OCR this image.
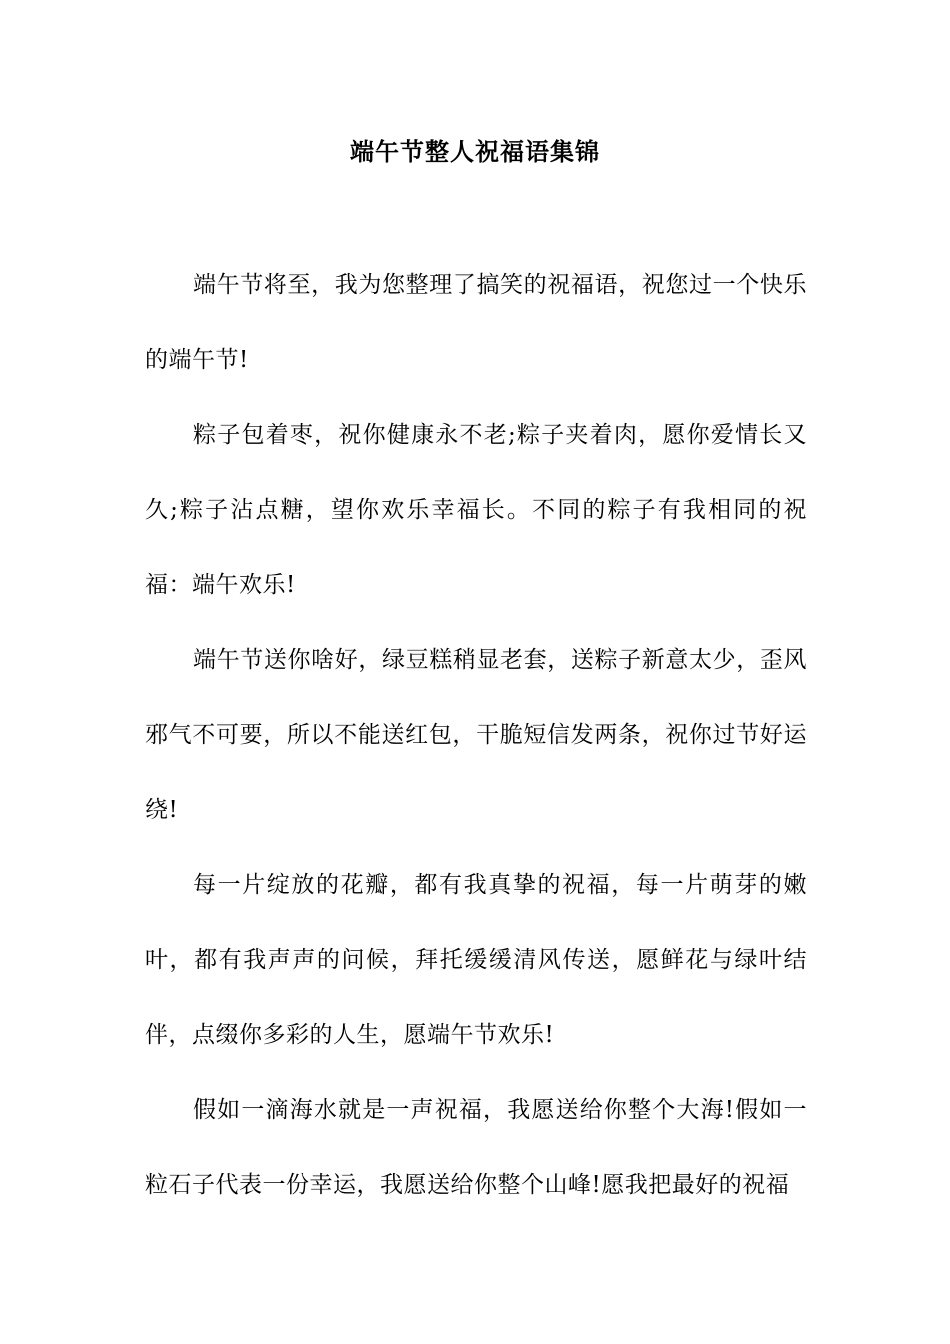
端午节整人祝福语集锦

端午节将至，我为您整理了搞笑的祝福语，祝您过一个快乐的端午节!

粽子包着枣，祝你健康永不老;粽子夹着肉，愿你爱情长又久;粽子沾点糖，望你欢乐幸福长。不同的粽子有我相同的祝福：端午欢乐!

端午节送你啥好，绿豆糕稍显老套，送粽子新意太少，歪风邪气不可要，所以不能送红包，干脆短信发两条，祝你过节好运绕!

每一片绽放的花瓣，都有我真挚的祝福，每一片萌芽的嫩叶，都有我声声的问候，拜托缓缓清风传送，愿鲜花与绿叶结伴，点缀你多彩的人生，愿端午节欢乐!

假如一滴海水就是一声祝福，我愿送给你整个大海!假如一粒石子代表一份幸运，我愿送给你整个山峰!愿我把最好的祝福
